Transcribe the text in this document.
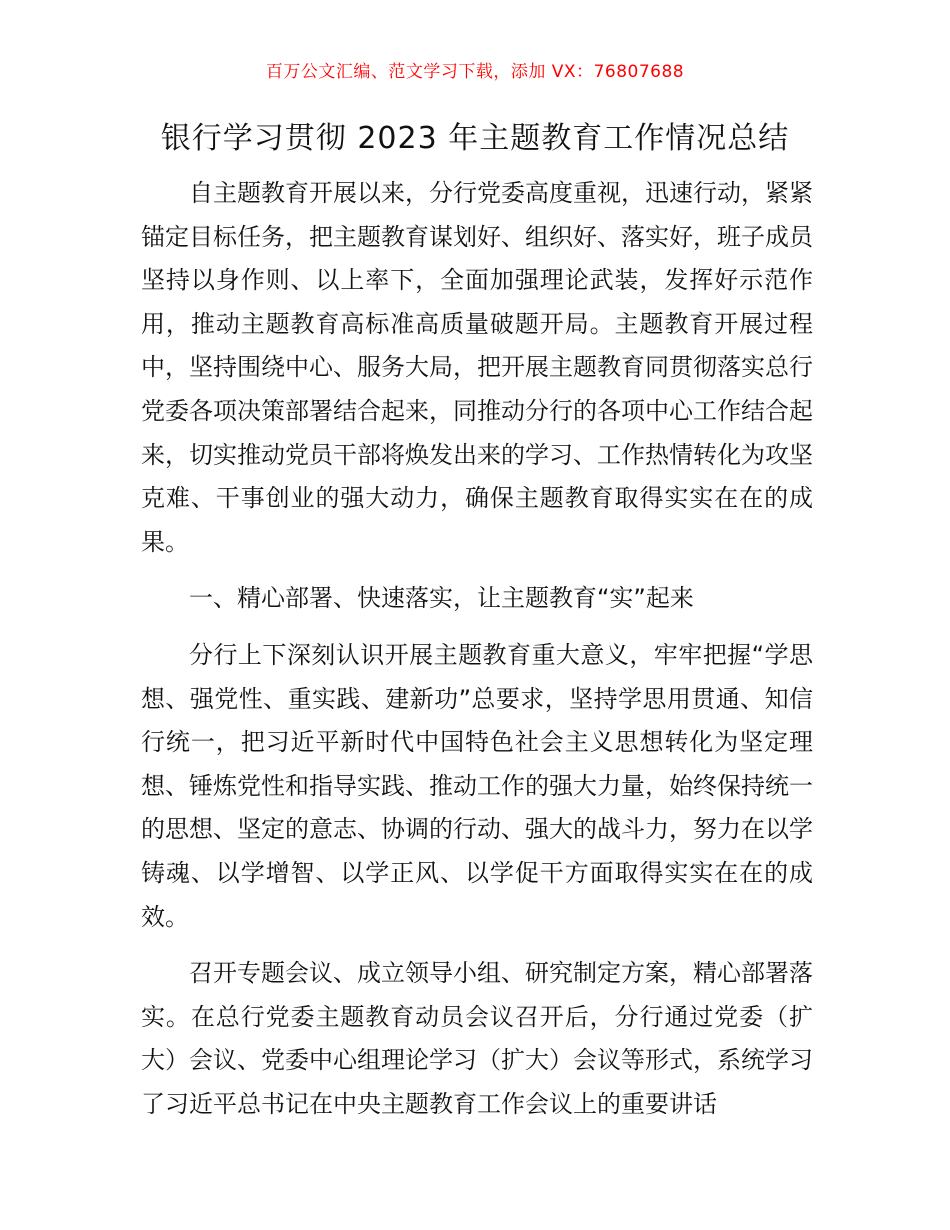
百万公文汇编、范文学习下载，添加 VX：76807688
银行学习贯彻 2023 年主题教育工作情况总结

自主题教育开展以来，分行党委高度重视，迅速行动，紧紧锚定目标任务，把主题教育谋划好、组织好、落实好，班子成员坚持以身作则、以上率下，全面加强理论武装，发挥好示范作用，推动主题教育高标准高质量破题开局。主题教育开展过程中，坚持围绕中心、服务大局，把开展主题教育同贯彻落实总行党委各项决策部署结合起来，同推动分行的各项中心工作结合起来，切实推动党员干部将焕发出来的学习、工作热情转化为攻坚克难、干事创业的强大动力，确保主题教育取得实实在在的成果。

一、精心部署、快速落实，让主题教育“实”起来

分行上下深刻认识开展主题教育重大意义，牢牢把握“学思想、强党性、重实践、建新功”总要求，坚持学思用贯通、知信行统一，把习近平新时代中国特色社会主义思想转化为坚定理想、锤炼党性和指导实践、推动工作的强大力量，始终保持统一的思想、坚定的意志、协调的行动、强大的战斗力，努力在以学铸魂、以学增智、以学正风、以学促干方面取得实实在在的成效。

召开专题会议、成立领导小组、研究制定方案，精心部署落实。在总行党委主题教育动员会议召开后，分行通过党委（扩大）会议、党委中心组理论学习（扩大）会议等形式，系统学习了习近平总书记在中央主题教育工作会议上的重要讲话
